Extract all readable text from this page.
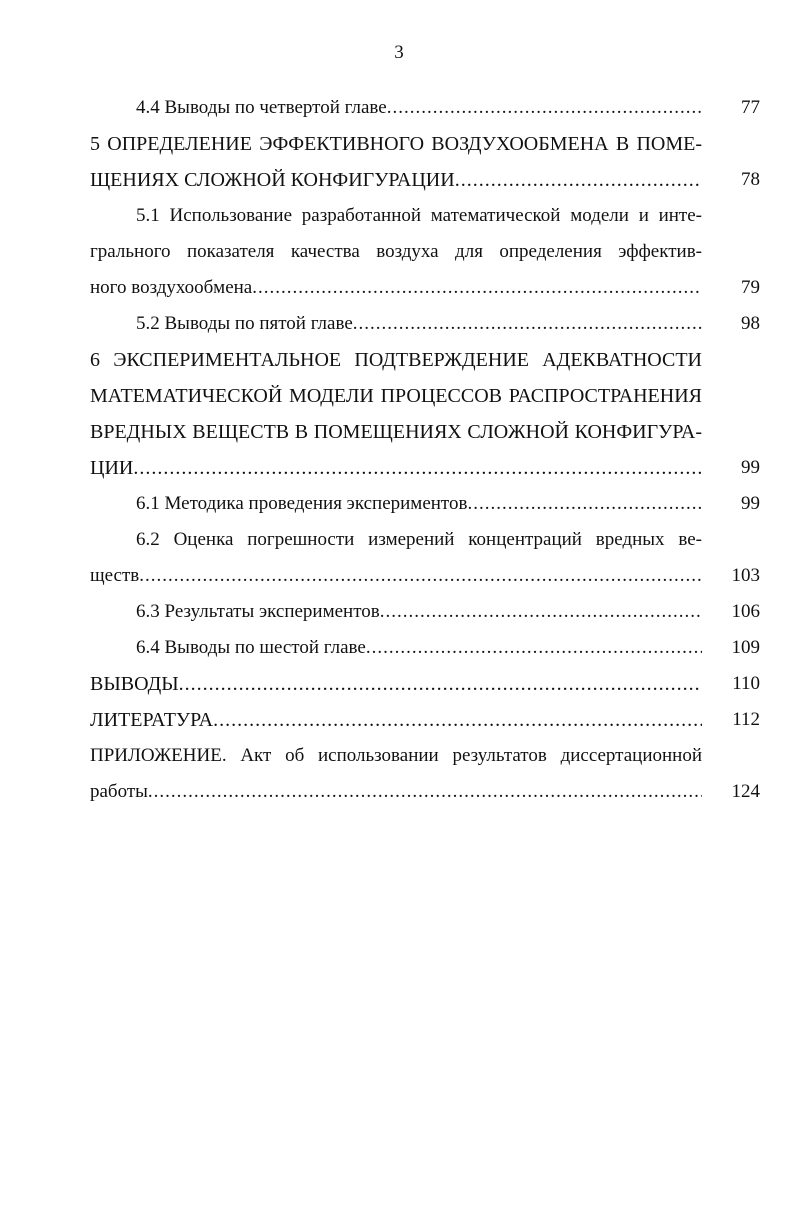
3
4.4 Выводы по четвертой главе .....	77
5 ОПРЕДЕЛЕНИЕ ЭФФЕКТИВНОГО ВОЗДУХООБМЕНА В ПОМЕ-
ЩЕНИЯХ СЛОЖНОЙ КОНФИГУРАЦИИ .....	78
5.1 Использование разработанной математической модели и инте-
грального показателя качества воздуха для определения эффектив-
ного воздухообмена .....	79
5.2 Выводы по пятой главе .....	98
6 ЭКСПЕРИМЕНТАЛЬНОЕ ПОДТВЕРЖДЕНИЕ АДЕКВАТНОСТИ
МАТЕМАТИЧЕСКОЙ МОДЕЛИ ПРОЦЕССОВ РАСПРОСТРАНЕНИЯ
ВРЕДНЫХ ВЕЩЕСТВ В ПОМЕЩЕНИЯХ СЛОЖНОЙ КОНФИГУРА-
ЦИИ .....	99
6.1 Методика проведения экспериментов .....	99
6.2 Оценка погрешности измерений концентраций вредных ве-
ществ .....	103
6.3 Результаты экспериментов .....	106
6.4 Выводы по шестой главе .....	109
ВЫВОДЫ .....	110
ЛИТЕРАТУРА .....	112
ПРИЛОЖЕНИЕ. Акт об использовании результатов диссертационной
работы .....	124
